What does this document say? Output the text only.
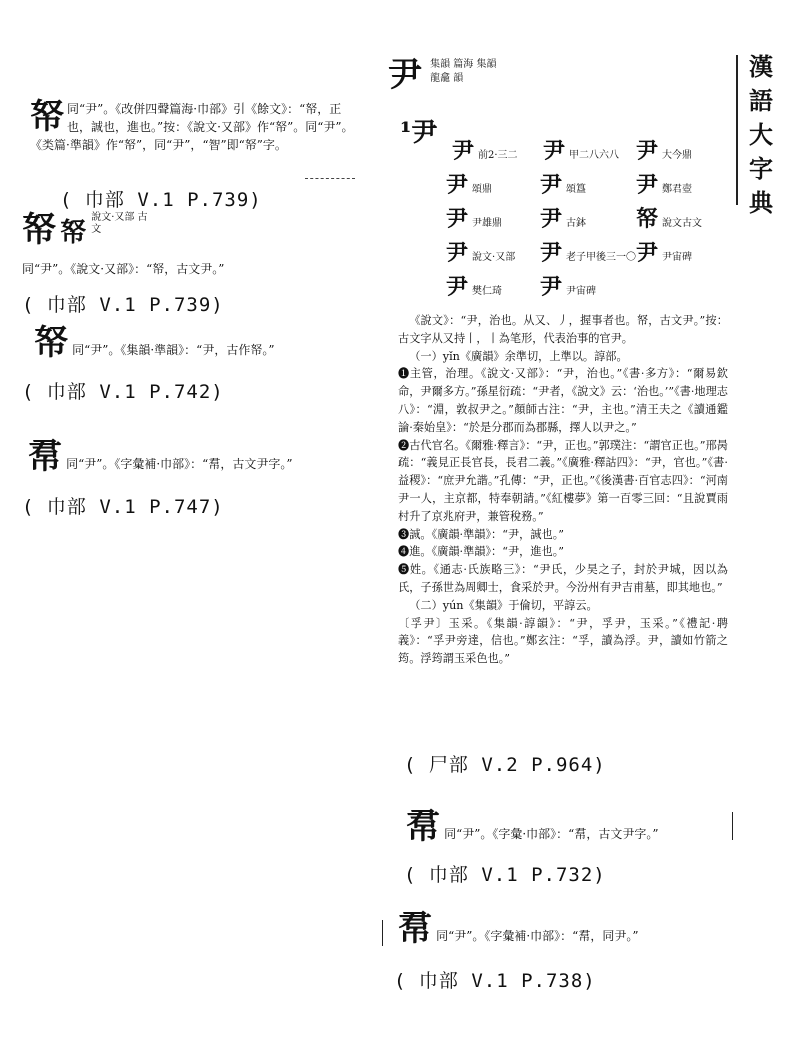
漢
語
大
字
典
帑同“尹”。《改併四聲篇海·巾部》引《餘文》：“帑，正也，誠也，進也。”按：《說文·又部》作“帑”。同“尹”。《类篇·準韻》作“帑”，同“尹”，“智”即“帑”字。
( 巾部 V.1 P.739)
帑 帑 說文·又部 古文
同“尹”。《說文·又部》：“帑，古文尹。”
( 巾部 V.1 P.739)
帑 同“尹”。《集韻·準韻》：“尹，古作帑。”
( 巾部 V.1 P.742)
帬 同“尹”。《字彙補·巾部》：“帬，古文尹字。”
( 巾部 V.1 P.747)
尹 集韻 篇海 集韻
龍龕 韻
¹尹
尹前2·三二 尹甲二八六八 尹大今鼎
尹頌鼎 尹頌簋 尹鄭君壺
尹尹雄鼎 尹古鉢 帑說文古文
尹說文·又部 尹老子甲後三一〇 尹尹宙碑
尹樊仁琦 尹尹宙碑

《說文》：“尹，治也。从又、丿，握事者也。帑，古文尹。”按：古文字从又持丨，丨為笔形，代表治事的官尹。

（一）yǐn《廣韻》余準切，上準以。諄部。

❶主管，治理。《說文·又部》：“尹，治也。”《書·多方》：“爾易欽命，尹爾多方。”孫星衍疏：“尹者，《說文》云：‘治也。’”《書·地理志八》：“淵，敦叔尹之。”顏師古注：“尹，主也。”清王夫之《讀通鑑論·秦始皇》：“於是分郡而為郡縣，擇人以尹之。”

❷古代官名。《爾雅·釋言》：“尹，正也。”郭璞注：“謂官正也。”邢昺疏：“義見正長官長，長君二義。”《廣雅·釋詁四》：“尹，官也。”《書·益稷》：“庶尹允諧。”孔傳：“尹，正也。”《後漢書·百官志四》：“河南尹一人，主京都，特奉朝請。”《紅樓夢》第一百零三回：“且說賈雨村升了京兆府尹，兼管稅務。”

❸誠。《廣韻·準韻》：“尹，誠也。”

❹進。《廣韻·準韻》：“尹，進也。”

❺姓。《通志·氏族略三》：“尹氏，少昊之子，封於尹城，因以為氏，子孫世為周卿士，食采於尹。今汾州有尹吉甫墓，即其地也。”

（二）yún《集韻》于倫切，平諄云。

〔孚尹〕玉采。《集韻·諄韻》：“尹，孚尹，玉采。”《禮記·聘義》：“孚尹旁達，信也。”鄭玄注：“孚，讀為浮。尹，讀如竹箭之筠。浮筠謂玉采色也。”

( 尸部 V.2 P.964)
帬 同“尹”。《字彙·巾部》：“帬，古文尹字。”
( 巾部 V.1 P.732)
帬 同“尹”。《字彙補·巾部》：“帬，同尹。”
( 巾部 V.1 P.738)
